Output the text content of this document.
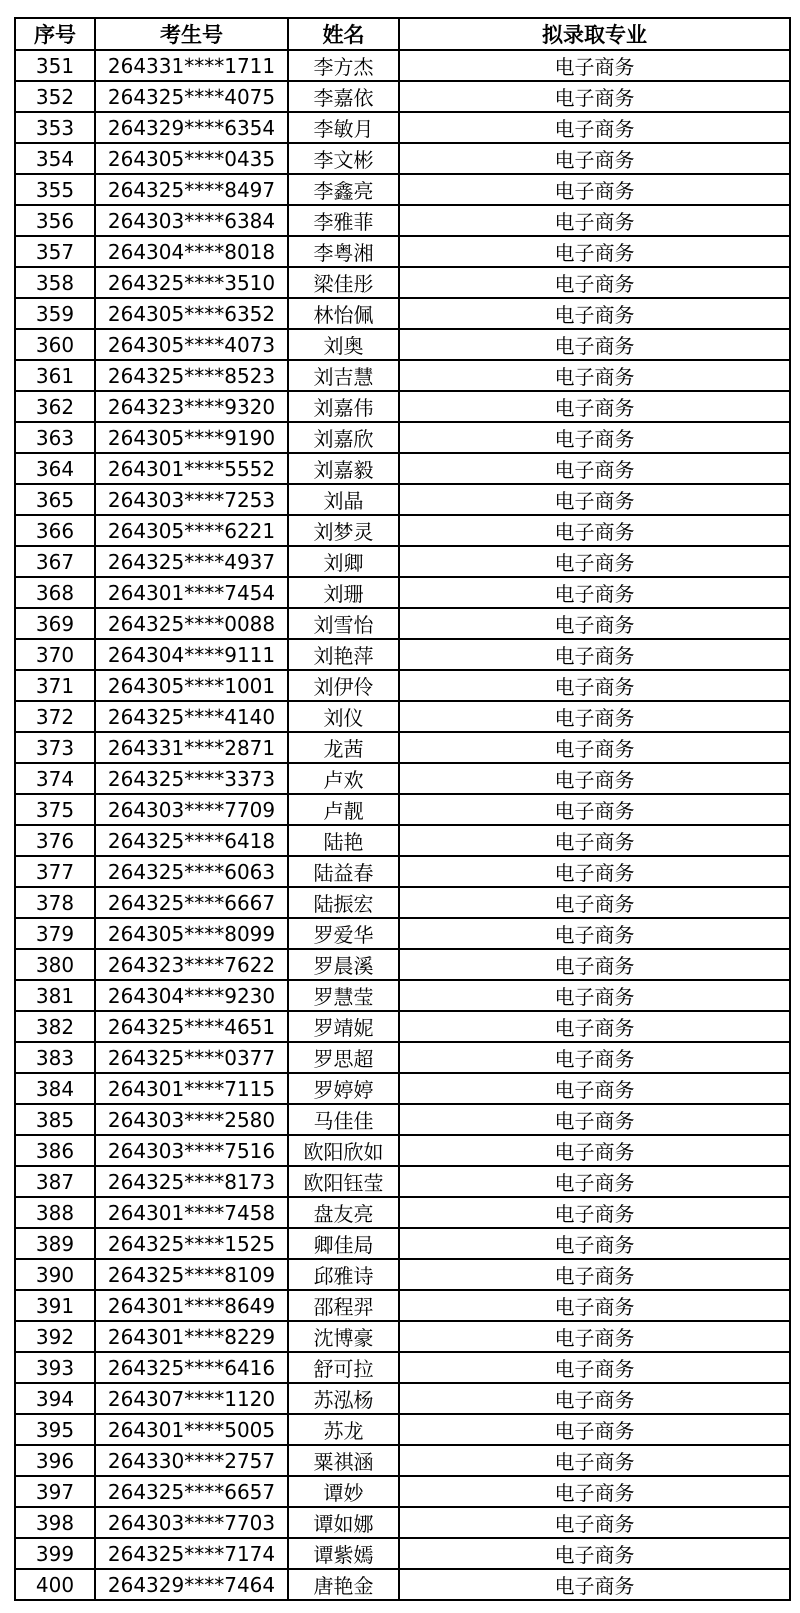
序号	考生号	姓名	拟录取专业
351	264331****1711	李方杰	电子商务
352	264325****4075	李嘉依	电子商务
353	264329****6354	李敏月	电子商务
354	264305****0435	李文彬	电子商务
355	264325****8497	李鑫亮	电子商务
356	264303****6384	李雅菲	电子商务
357	264304****8018	李粤湘	电子商务
358	264325****3510	梁佳彤	电子商务
359	264305****6352	林怡佩	电子商务
360	264305****4073	刘奥	电子商务
361	264325****8523	刘吉慧	电子商务
362	264323****9320	刘嘉伟	电子商务
363	264305****9190	刘嘉欣	电子商务
364	264301****5552	刘嘉毅	电子商务
365	264303****7253	刘晶	电子商务
366	264305****6221	刘梦灵	电子商务
367	264325****4937	刘卿	电子商务
368	264301****7454	刘珊	电子商务
369	264325****0088	刘雪怡	电子商务
370	264304****9111	刘艳萍	电子商务
371	264305****1001	刘伊伶	电子商务
372	264325****4140	刘仪	电子商务
373	264331****2871	龙茜	电子商务
374	264325****3373	卢欢	电子商务
375	264303****7709	卢靓	电子商务
376	264325****6418	陆艳	电子商务
377	264325****6063	陆益春	电子商务
378	264325****6667	陆振宏	电子商务
379	264305****8099	罗爱华	电子商务
380	264323****7622	罗晨溪	电子商务
381	264304****9230	罗慧莹	电子商务
382	264325****4651	罗靖妮	电子商务
383	264325****0377	罗思超	电子商务
384	264301****7115	罗婷婷	电子商务
385	264303****2580	马佳佳	电子商务
386	264303****7516	欧阳欣如	电子商务
387	264325****8173	欧阳钰莹	电子商务
388	264301****7458	盘友亮	电子商务
389	264325****1525	卿佳局	电子商务
390	264325****8109	邱雅诗	电子商务
391	264301****8649	邵程羿	电子商务
392	264301****8229	沈博豪	电子商务
393	264325****6416	舒可拉	电子商务
394	264307****1120	苏泓杨	电子商务
395	264301****5005	苏龙	电子商务
396	264330****2757	粟祺涵	电子商务
397	264325****6657	谭妙	电子商务
398	264303****7703	谭如娜	电子商务
399	264325****7174	谭紫嫣	电子商务
400	264329****7464	唐艳金	电子商务
